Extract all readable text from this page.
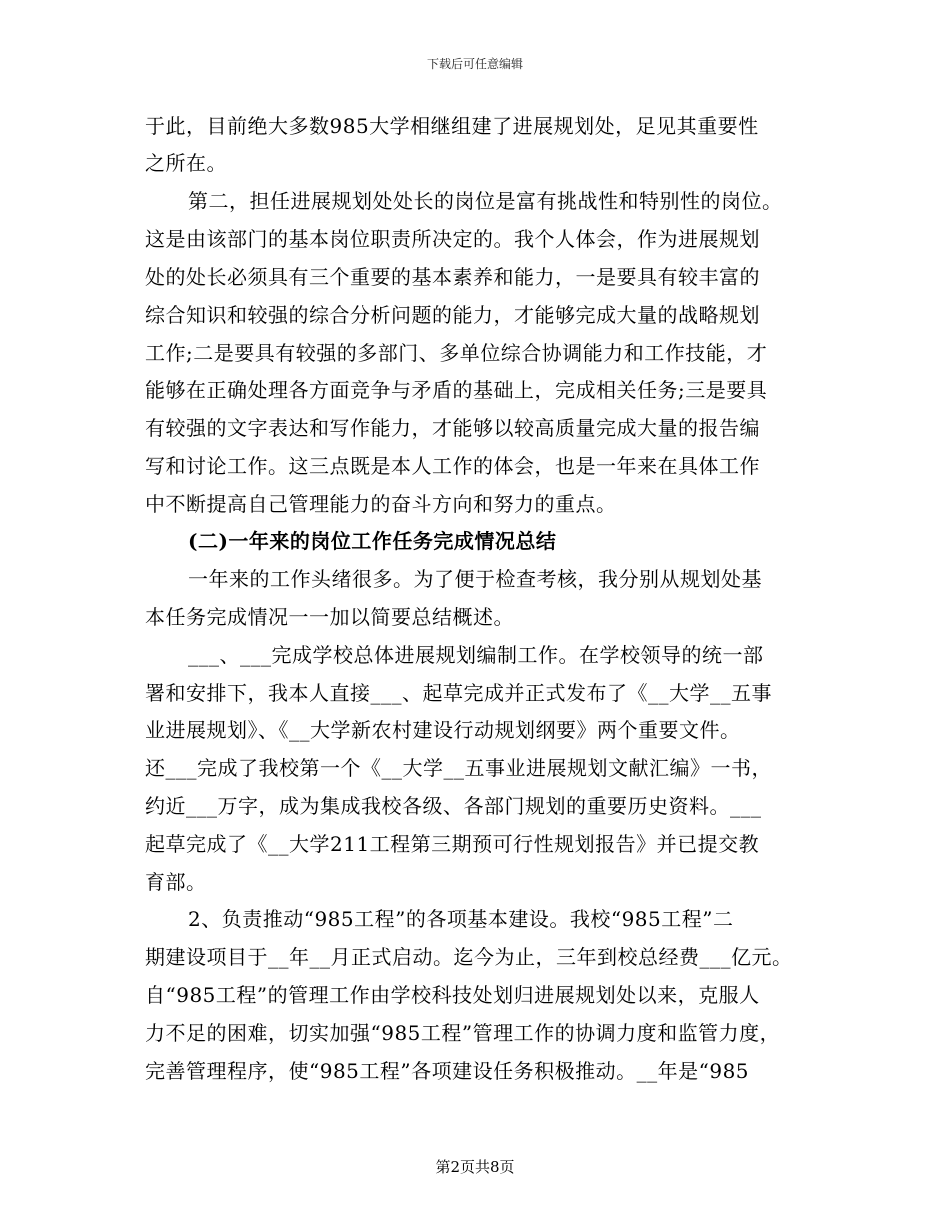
下载后可任意编辑
于此，目前绝大多数985大学相继组建了进展规划处，足见其重要性
之所在。
第二，担任进展规划处处长的岗位是富有挑战性和特别性的岗位。
这是由该部门的基本岗位职责所决定的。我个人体会，作为进展规划
处的处长必须具有三个重要的基本素养和能力，一是要具有较丰富的
综合知识和较强的综合分析问题的能力，才能够完成大量的战略规划
工作;二是要具有较强的多部门、多单位综合协调能力和工作技能，才
能够在正确处理各方面竞争与矛盾的基础上，完成相关任务;三是要具
有较强的文字表达和写作能力，才能够以较高质量完成大量的报告编
写和讨论工作。这三点既是本人工作的体会，也是一年来在具体工作
中不断提高自己管理能力的奋斗方向和努力的重点。
(二)一年来的岗位工作任务完成情况总结
一年来的工作头绪很多。为了便于检查考核，我分别从规划处基
本任务完成情况一一加以简要总结概述。
___、___完成学校总体进展规划编制工作。在学校领导的统一部
署和安排下，我本人直接___、起草完成并正式发布了《__大学__五事
业进展规划》、《__大学新农村建设行动规划纲要》两个重要文件。
还___完成了我校第一个《__大学__五事业进展规划文献汇编》一书，
约近___万字，成为集成我校各级、各部门规划的重要历史资料。___
起草完成了《__大学211工程第三期预可行性规划报告》并已提交教
育部。
2、负责推动“985工程”的各项基本建设。我校“985工程”二
期建设项目于__年__月正式启动。迄今为止，三年到校总经费___亿元。
自“985工程”的管理工作由学校科技处划归进展规划处以来，克服人
力不足的困难，切实加强“985工程”管理工作的协调力度和监管力度，
完善管理程序，使“985工程”各项建设任务积极推动。__年是“985
第2页共8页
